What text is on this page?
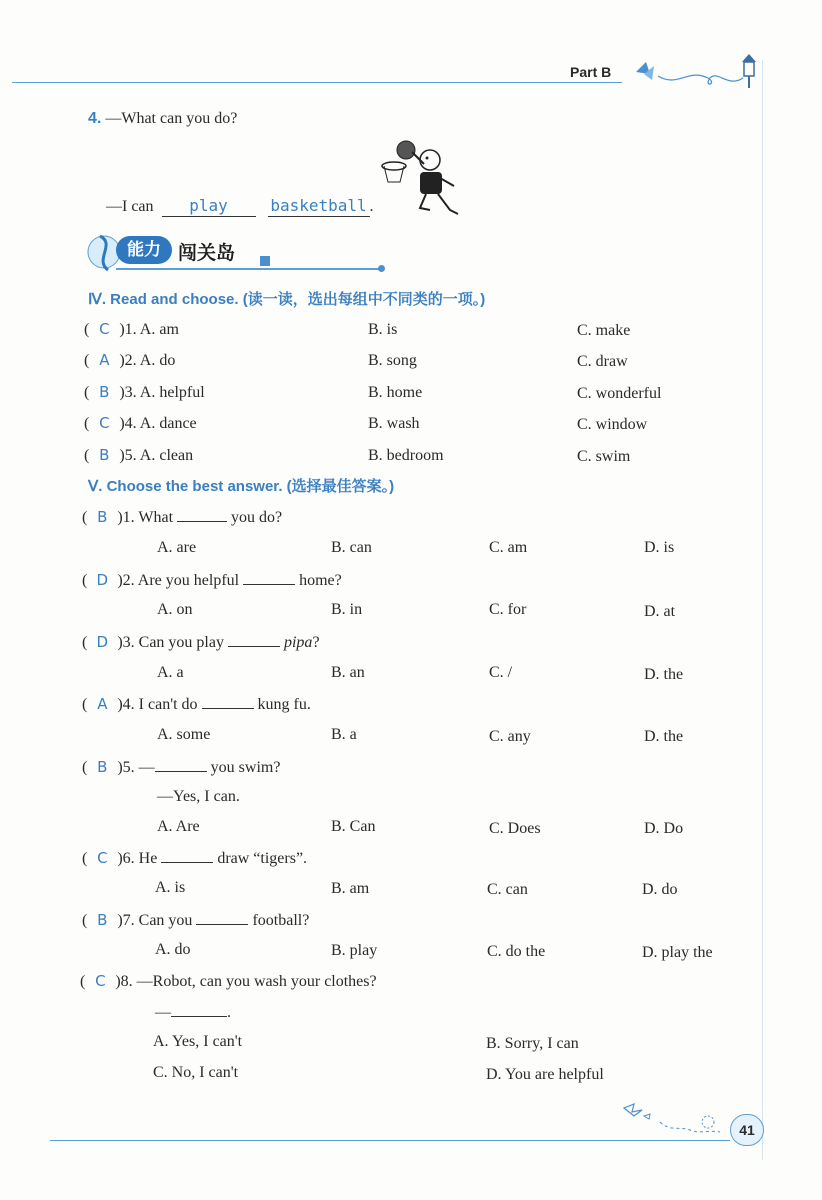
Part B
4. —What can you do?
—I can play	basketball .
能力 闯关岛
Ⅳ. Read and choose. (读一读，选出每组中不同类的一项。)
( C )1. A. am	B. is	C. make
( A )2. A. do	B. song	C. draw
( B )3. A. helpful	B. home	C. wonderful
( C )4. A. dance	B. wash	C. window
( B )5. A. clean	B. bedroom	C. swim
Ⅴ. Choose the best answer. (选择最佳答案。)
( B )1. What	you do?
A. are	B. can	C. am	D. is
( D )2. Are you helpful	home?
A. on	B. in	C. for	D. at
( D )3. Can you play	pipa?
A. a	B. an	C. /	D. the
( A )4. I can't do	kung fu.
A. some	B. a	C. any	D. the
( B )5. —	you swim?
—Yes, I can.
A. Are	B. Can	C. Does	D. Do
( C )6. He	draw “tigers”.
A. is	B. am	C. can	D. do
( B )7. Can you	football?
A. do	B. play	C. do the	D. play the
( C )8. —Robot, can you wash your clothes?
—	.
A. Yes, I can't	B. Sorry, I can
C. No, I can't	D. You are helpful
41
